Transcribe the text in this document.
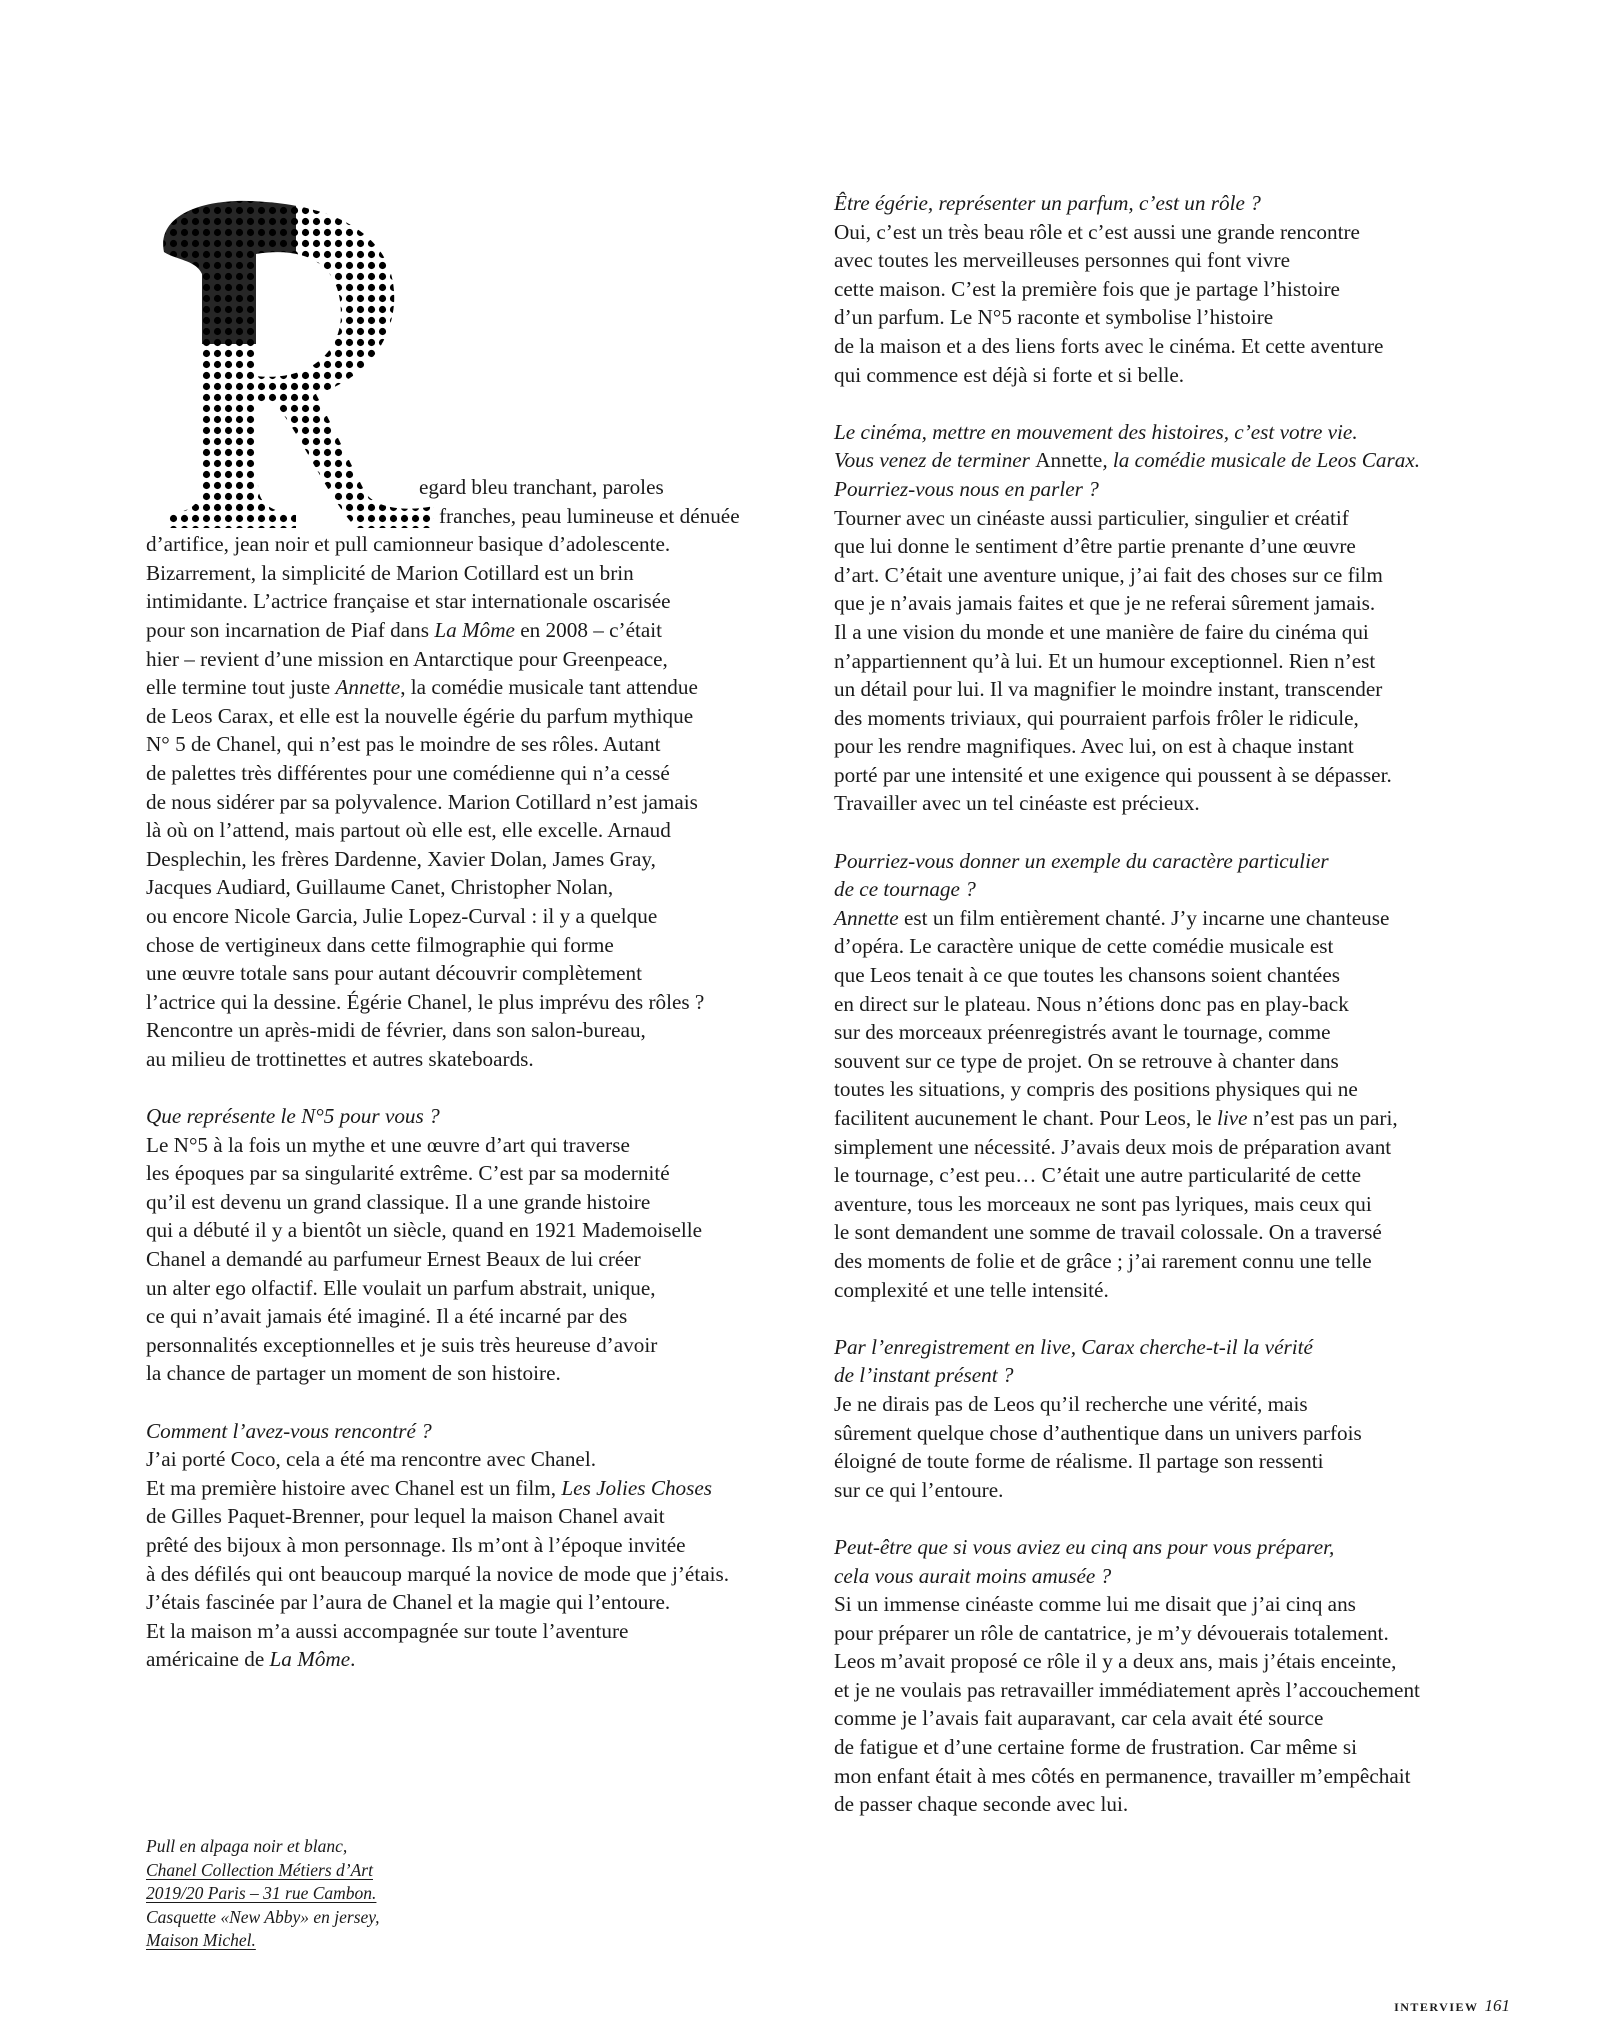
egard bleu tranchant, paroles
franches, peau lumineuse et dénuée
d’artifice, jean noir et pull camionneur basique d’adolescente.
Bizarrement, la simplicité de Marion Cotillard est un brin
intimidante. L’actrice française et star internationale oscarisée
pour son incarnation de Piaf dans La Môme en 2008 – c’était
hier – revient d’une mission en Antarctique pour Greenpeace,
elle termine tout juste Annette, la comédie musicale tant attendue
de Leos Carax, et elle est la nouvelle égérie du parfum mythique
N° 5 de Chanel, qui n’est pas le moindre de ses rôles. Autant
de palettes très différentes pour une comédienne qui n’a cessé
de nous sidérer par sa polyvalence. Marion Cotillard n’est jamais
là où on l’attend, mais partout où elle est, elle excelle. Arnaud
Desplechin, les frères Dardenne, Xavier Dolan, James Gray,
Jacques Audiard, Guillaume Canet, Christopher Nolan,
ou encore Nicole Garcia, Julie Lopez-Curval : il y a quelque
chose de vertigineux dans cette filmographie qui forme
une œuvre totale sans pour autant découvrir complètement
l’actrice qui la dessine. Égérie Chanel, le plus imprévu des rôles ?
Rencontre un après-midi de février, dans son salon-bureau,
au milieu de trottinettes et autres skateboards.

Que représente le N°5 pour vous ?

Le N°5 à la fois un mythe et une œuvre d’art qui traverse
les époques par sa singularité extrême. C’est par sa modernité
qu’il est devenu un grand classique. Il a une grande histoire
qui a débuté il y a bientôt un siècle, quand en 1921 Mademoiselle
Chanel a demandé au parfumeur Ernest Beaux de lui créer
un alter ego olfactif. Elle voulait un parfum abstrait, unique,
ce qui n’avait jamais été imaginé. Il a été incarné par des
personnalités exceptionnelles et je suis très heureuse d’avoir
la chance de partager un moment de son histoire.

Comment l’avez-vous rencontré ?

J’ai porté Coco, cela a été ma rencontre avec Chanel.
Et ma première histoire avec Chanel est un film, Les Jolies Choses
de Gilles Paquet-Brenner, pour lequel la maison Chanel avait
prêté des bijoux à mon personnage. Ils m’ont à l’époque invitée
à des défilés qui ont beaucoup marqué la novice de mode que j’étais.
J’étais fascinée par l’aura de Chanel et la magie qui l’entoure.
Et la maison m’a aussi accompagnée sur toute l’aventure
américaine de La Môme.

Être égérie, représenter un parfum, c’est un rôle ?

Oui, c’est un très beau rôle et c’est aussi une grande rencontre
avec toutes les merveilleuses personnes qui font vivre
cette maison. C’est la première fois que je partage l’histoire
d’un parfum. Le N°5 raconte et symbolise l’histoire
de la maison et a des liens forts avec le cinéma. Et cette aventure
qui commence est déjà si forte et si belle.

Le cinéma, mettre en mouvement des histoires, c’est votre vie.
Vous venez de terminer Annette, la comédie musicale de Leos Carax.
Pourriez-vous nous en parler ?

Tourner avec un cinéaste aussi particulier, singulier et créatif
que lui donne le sentiment d’être partie prenante d’une œuvre
d’art. C’était une aventure unique, j’ai fait des choses sur ce film
que je n’avais jamais faites et que je ne referai sûrement jamais.
Il a une vision du monde et une manière de faire du cinéma qui
n’appartiennent qu’à lui. Et un humour exceptionnel. Rien n’est
un détail pour lui. Il va magnifier le moindre instant, transcender
des moments triviaux, qui pourraient parfois frôler le ridicule,
pour les rendre magnifiques. Avec lui, on est à chaque instant
porté par une intensité et une exigence qui poussent à se dépasser.
Travailler avec un tel cinéaste est précieux.

Pourriez-vous donner un exemple du caractère particulier
de ce tournage ?

Annette est un film entièrement chanté. J’y incarne une chanteuse
d’opéra. Le caractère unique de cette comédie musicale est
que Leos tenait à ce que toutes les chansons soient chantées
en direct sur le plateau. Nous n’étions donc pas en play-back
sur des morceaux préenregistrés avant le tournage, comme
souvent sur ce type de projet. On se retrouve à chanter dans
toutes les situations, y compris des positions physiques qui ne
facilitent aucunement le chant. Pour Leos, le live n’est pas un pari,
simplement une nécessité. J’avais deux mois de préparation avant
le tournage, c’est peu… C’était une autre particularité de cette
aventure, tous les morceaux ne sont pas lyriques, mais ceux qui
le sont demandent une somme de travail colossale. On a traversé
des moments de folie et de grâce ; j’ai rarement connu une telle
complexité et une telle intensité.

Par l’enregistrement en live, Carax cherche-t-il la vérité
de l’instant présent ?

Je ne dirais pas de Leos qu’il recherche une vérité, mais
sûrement quelque chose d’authentique dans un univers parfois
éloigné de toute forme de réalisme. Il partage son ressenti
sur ce qui l’entoure.

Peut-être que si vous aviez eu cinq ans pour vous préparer,
cela vous aurait moins amusée ?

Si un immense cinéaste comme lui me disait que j’ai cinq ans
pour préparer un rôle de cantatrice, je m’y dévouerais totalement.
Leos m’avait proposé ce rôle il y a deux ans, mais j’étais enceinte,
et je ne voulais pas retravailler immédiatement après l’accouchement
comme je l’avais fait auparavant, car cela avait été source
de fatigue et d’une certaine forme de frustration. Car même si
mon enfant était à mes côtés en permanence, travailler m’empêchait
de passer chaque seconde avec lui.

Pull en alpaga noir et blanc,
Chanel Collection Métiers d’Art
2019/20 Paris – 31 rue Cambon.
Casquette «New Abby» en jersey,
Maison Michel.
INTERVIEW 161
